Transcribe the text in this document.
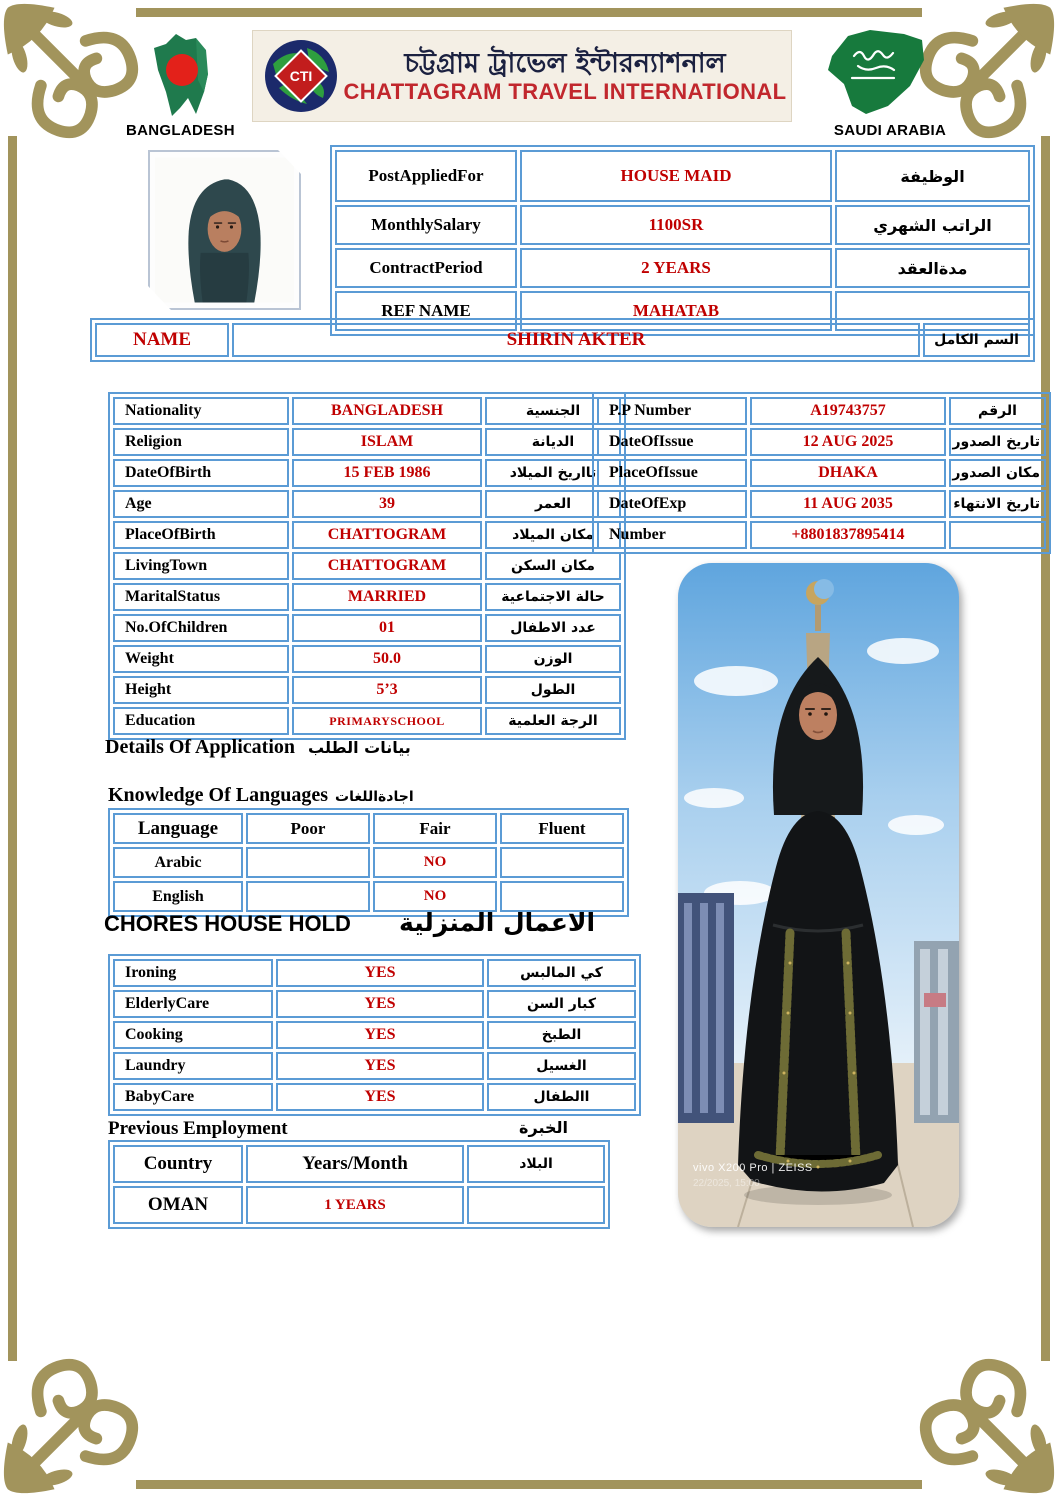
BANGLADESH
CTI	চট্টগ্রাম ট্রাভেল ইন্টারন্যাশনাল
CHATTAGRAM TRAVEL INTERNATIONAL
SAUDI ARABIA
PostAppliedFor	HOUSE MAID	الوظيفة
MonthlySalary	1100SR	الراتب الشهري
ContractPeriod	2 YEARS	مدةالعقد
REF NAME	MAHATAB	
NAME	SHIRIN AKTER	السم الكامل
Nationality	BANGLADESH	الجنسية
Religion	ISLAM	الديانة
DateOfBirth	15 FEB 1986	تااريخ الميلاد
Age	39	العمر
PlaceOfBirth	CHATTOGRAM	مكان الميلاد
LivingTown	CHATTOGRAM	مكان السكن
MaritalStatus	MARRIED	حالة الاجتماعية
No.OfChildren	01	عدد الاطفال
Weight	50.0	الوزن
Height	5’3	الطول
Education	PRIMARYSCHOOL	الرجة العلمية
P.P Number	A19743757	الرقم
DateOfIssue	12 AUG 2025	تاريخ الصدور
PlaceOfIssue	DHAKA	مكان الصدور
DateOfExp	11 AUG 2035	تاريخ الانتهاء
Number	+8801837895414	
vivo X200 Pro | ZEISS
22/2025, 15:00
Details Of Application بيانات الطلب
Knowledge Of Languages اجادةاللغات
Language	Poor	Fair	Fluent
Arabic		NO	
English		NO	
CHORES HOUSE HOLD الاعمال المنزلية
Ironing	YES	كي المالبس
ElderlyCare	YES	كبار السن
Cooking	YES	الطبخ
Laundry	YES	الغسيل
BabyCare	YES	االطفال
Previous Employment	الخبرة
Country	Years/Month	البلاد
OMAN	1 YEARS	
